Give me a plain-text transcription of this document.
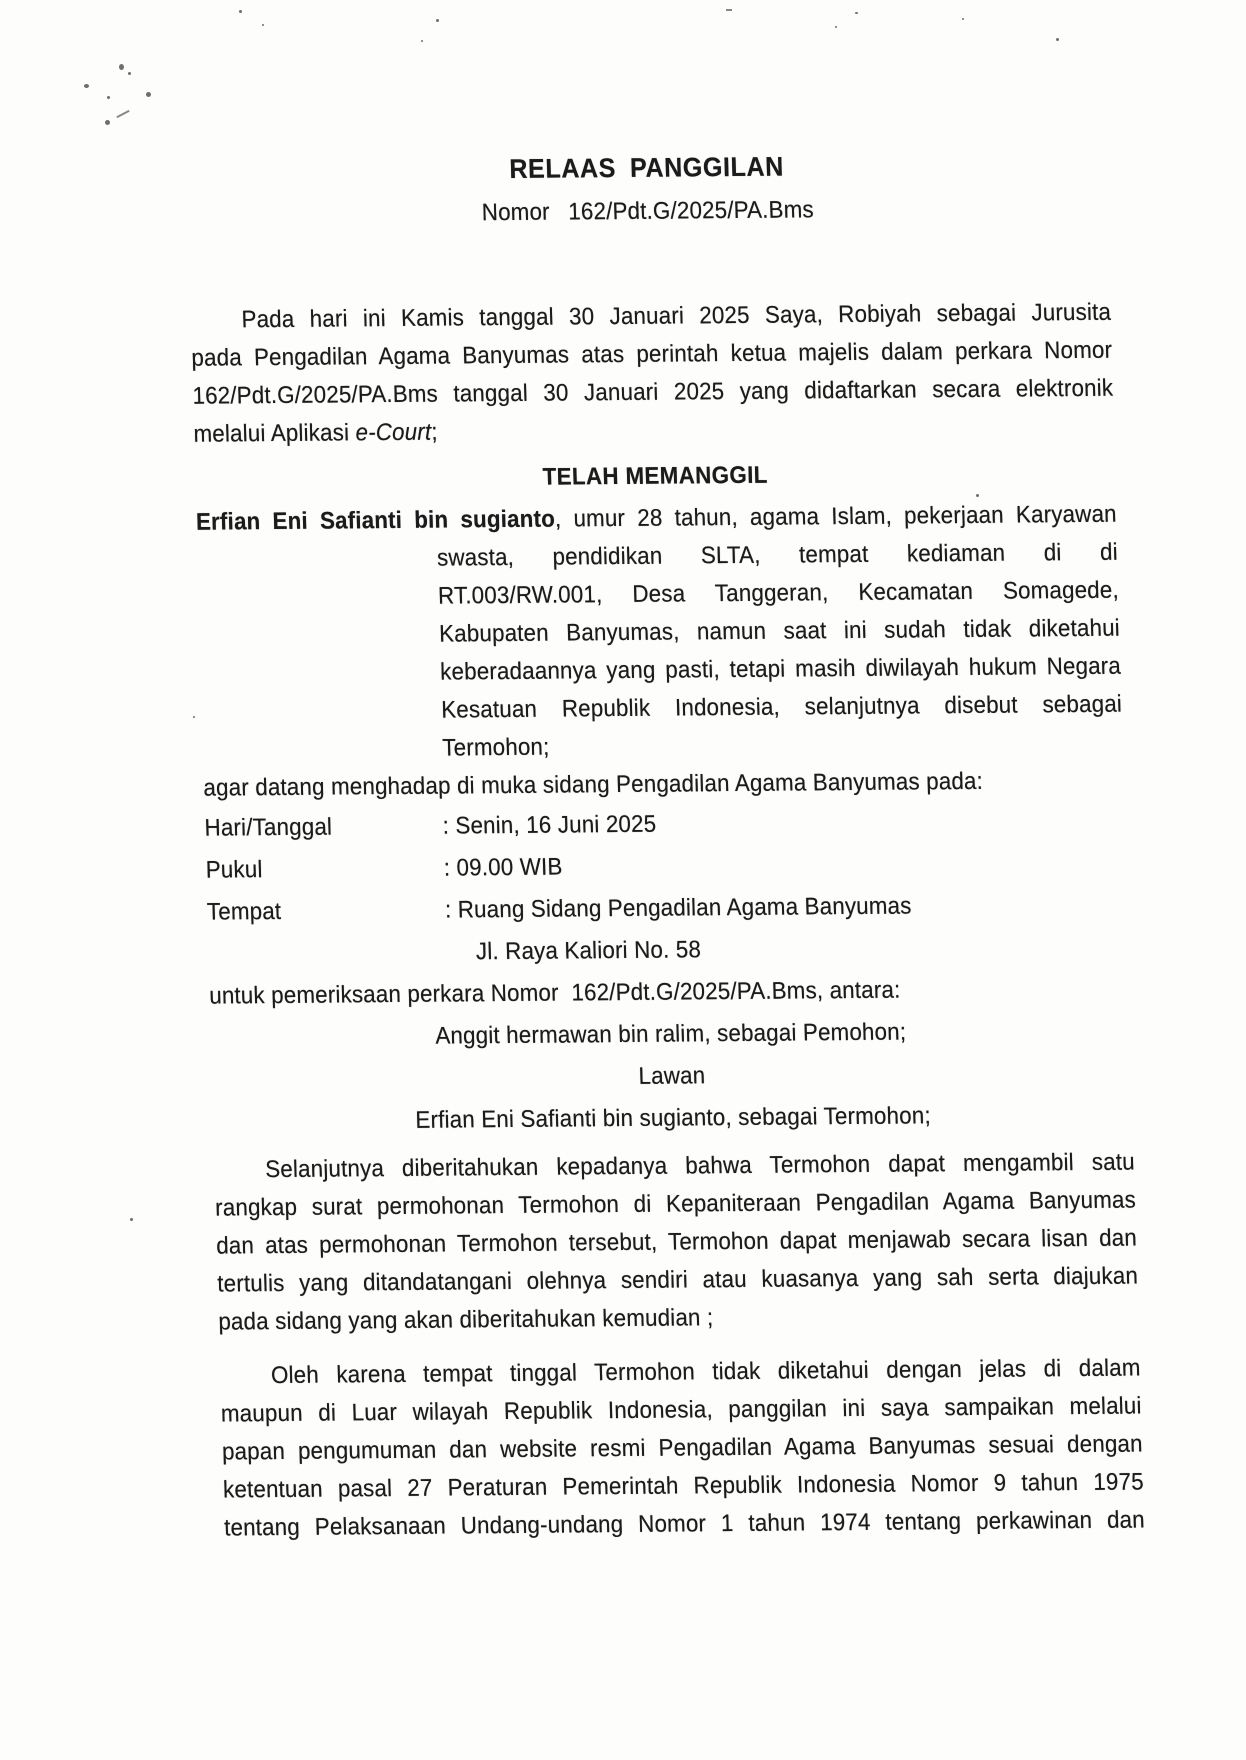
RELAAS PANGGILAN
Nomor 162/Pdt.G/2025/PA.Bms
Pada hari ini Kamis tanggal 30 Januari 2025 Saya, Robiyah sebagai Jurusita
pada Pengadilan Agama Banyumas atas perintah ketua majelis dalam perkara Nomor
162/Pdt.G/2025/PA.Bms tanggal 30 Januari 2025 yang didaftarkan secara elektronik
melalui Aplikasi e-Court;
TELAH MEMANGGIL
Erfian Eni Safianti bin sugianto, umur 28 tahun, agama Islam, pekerjaan Karyawan
swasta, pendidikan SLTA, tempat kediaman di di
RT.003/RW.001, Desa Tanggeran, Kecamatan Somagede,
Kabupaten Banyumas, namun saat ini sudah tidak diketahui
keberadaannya yang pasti, tetapi masih diwilayah hukum Negara
Kesatuan Republik Indonesia, selanjutnya disebut sebagai
Termohon;
agar datang menghadap di muka sidang Pengadilan Agama Banyumas pada:
Hari/Tanggal	: Senin, 16 Juni 2025
Pukul	: 09.00 WIB
Tempat	: Ruang Sidang Pengadilan Agama Banyumas
Jl. Raya Kaliori No. 58
untuk pemeriksaan perkara Nomor  162/Pdt.G/2025/PA.Bms, antara:
Anggit hermawan bin ralim, sebagai Pemohon;
Lawan
Erfian Eni Safianti bin sugianto, sebagai Termohon;
Selanjutnya diberitahukan kepadanya bahwa Termohon dapat mengambil satu
rangkap surat permohonan Termohon di Kepaniteraan Pengadilan Agama Banyumas
dan atas permohonan Termohon tersebut, Termohon dapat menjawab secara lisan dan
tertulis yang ditandatangani olehnya sendiri atau kuasanya yang sah serta diajukan
pada sidang yang akan diberitahukan kemudian ;
Oleh karena tempat tinggal Termohon tidak diketahui dengan jelas di dalam
maupun di Luar wilayah Republik Indonesia, panggilan ini saya sampaikan melalui
papan pengumuman dan website resmi Pengadilan Agama Banyumas sesuai dengan
ketentuan pasal 27 Peraturan Pemerintah Republik Indonesia Nomor 9 tahun 1975
tentang Pelaksanaan Undang-undang Nomor 1 tahun 1974 tentang perkawinan dan
